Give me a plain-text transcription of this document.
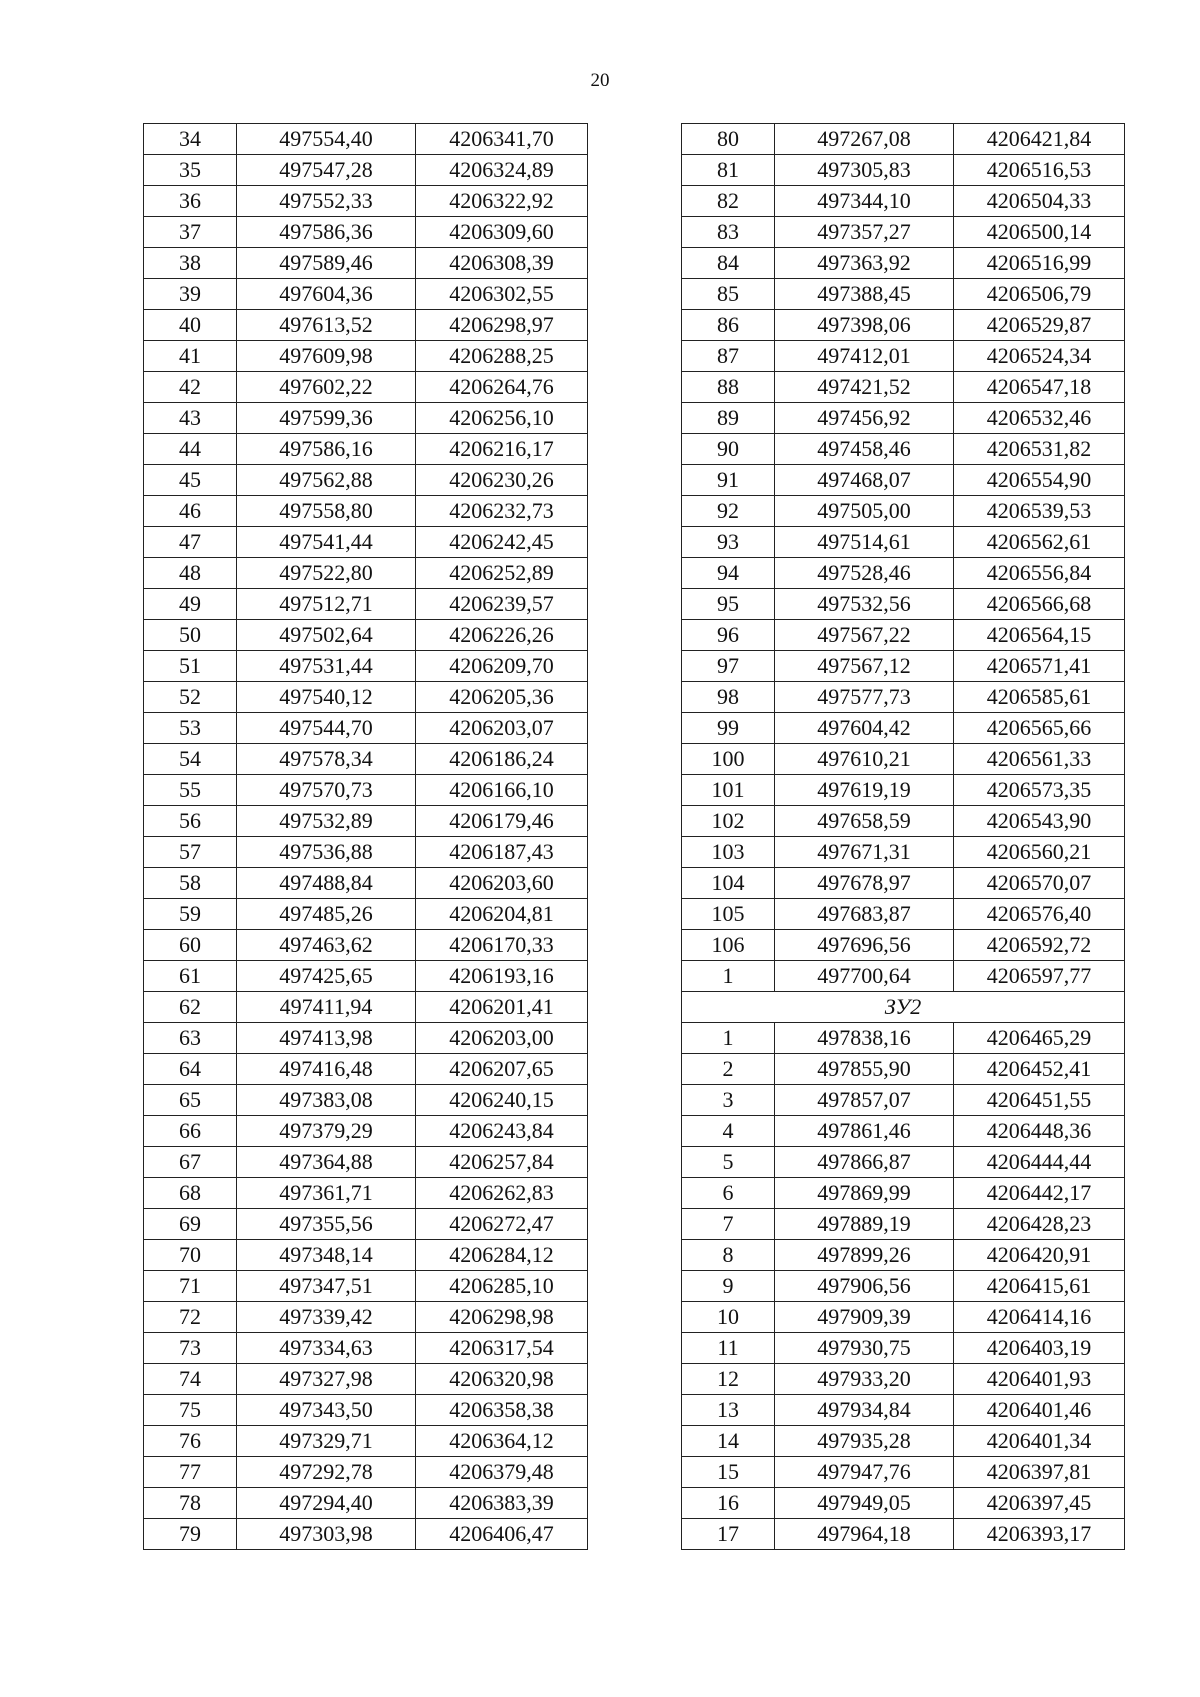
20
34	497554,40	4206341,70
35	497547,28	4206324,89
36	497552,33	4206322,92
37	497586,36	4206309,60
38	497589,46	4206308,39
39	497604,36	4206302,55
40	497613,52	4206298,97
41	497609,98	4206288,25
42	497602,22	4206264,76
43	497599,36	4206256,10
44	497586,16	4206216,17
45	497562,88	4206230,26
46	497558,80	4206232,73
47	497541,44	4206242,45
48	497522,80	4206252,89
49	497512,71	4206239,57
50	497502,64	4206226,26
51	497531,44	4206209,70
52	497540,12	4206205,36
53	497544,70	4206203,07
54	497578,34	4206186,24
55	497570,73	4206166,10
56	497532,89	4206179,46
57	497536,88	4206187,43
58	497488,84	4206203,60
59	497485,26	4206204,81
60	497463,62	4206170,33
61	497425,65	4206193,16
62	497411,94	4206201,41
63	497413,98	4206203,00
64	497416,48	4206207,65
65	497383,08	4206240,15
66	497379,29	4206243,84
67	497364,88	4206257,84
68	497361,71	4206262,83
69	497355,56	4206272,47
70	497348,14	4206284,12
71	497347,51	4206285,10
72	497339,42	4206298,98
73	497334,63	4206317,54
74	497327,98	4206320,98
75	497343,50	4206358,38
76	497329,71	4206364,12
77	497292,78	4206379,48
78	497294,40	4206383,39
79	497303,98	4206406,47
80	497267,08	4206421,84
81	497305,83	4206516,53
82	497344,10	4206504,33
83	497357,27	4206500,14
84	497363,92	4206516,99
85	497388,45	4206506,79
86	497398,06	4206529,87
87	497412,01	4206524,34
88	497421,52	4206547,18
89	497456,92	4206532,46
90	497458,46	4206531,82
91	497468,07	4206554,90
92	497505,00	4206539,53
93	497514,61	4206562,61
94	497528,46	4206556,84
95	497532,56	4206566,68
96	497567,22	4206564,15
97	497567,12	4206571,41
98	497577,73	4206585,61
99	497604,42	4206565,66
100	497610,21	4206561,33
101	497619,19	4206573,35
102	497658,59	4206543,90
103	497671,31	4206560,21
104	497678,97	4206570,07
105	497683,87	4206576,40
106	497696,56	4206592,72
1	497700,64	4206597,77
ЗУ2		
1	497838,16	4206465,29
2	497855,90	4206452,41
3	497857,07	4206451,55
4	497861,46	4206448,36
5	497866,87	4206444,44
6	497869,99	4206442,17
7	497889,19	4206428,23
8	497899,26	4206420,91
9	497906,56	4206415,61
10	497909,39	4206414,16
11	497930,75	4206403,19
12	497933,20	4206401,93
13	497934,84	4206401,46
14	497935,28	4206401,34
15	497947,76	4206397,81
16	497949,05	4206397,45
17	497964,18	4206393,17
